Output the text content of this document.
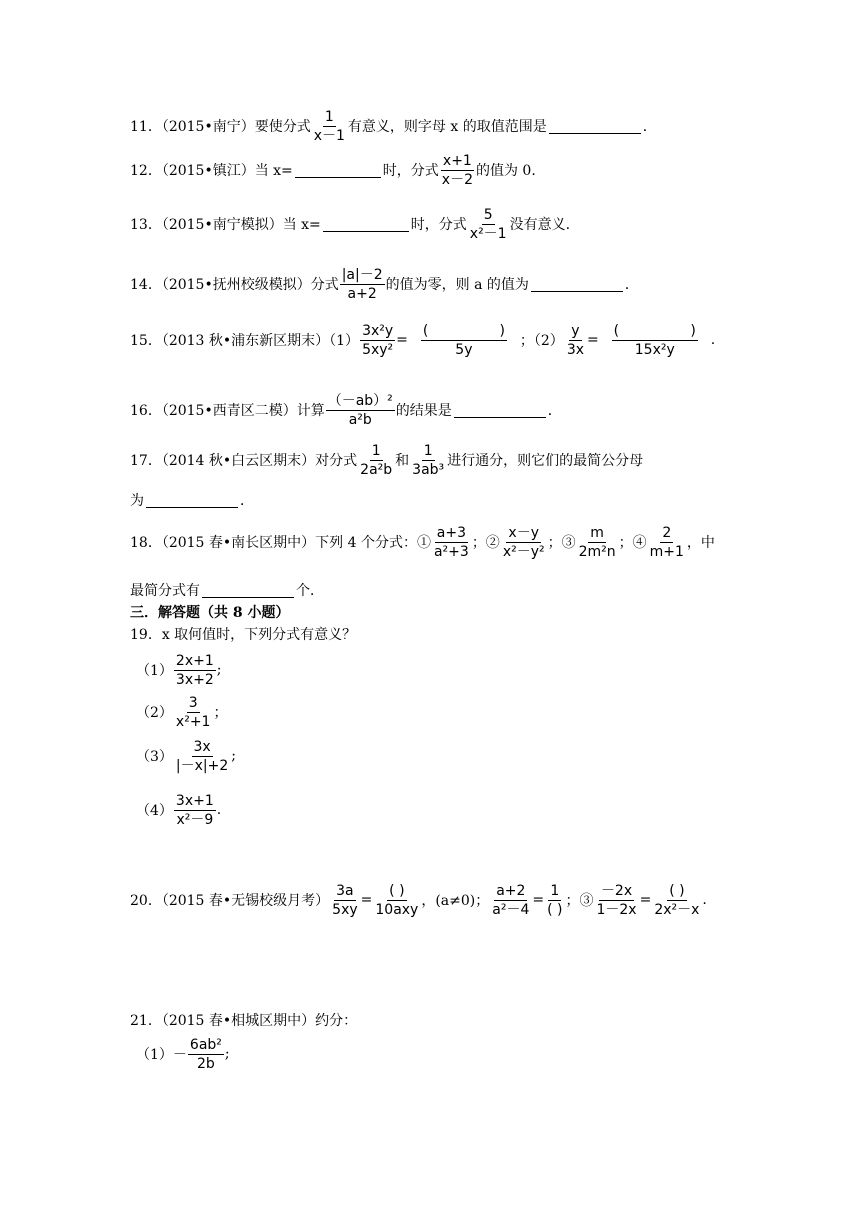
11．（2015•南宁）要使分式 $\frac{1}{x-1}$ 有意义，则字母 x 的取值范围是	．
12．（2015•镇江）当 x=	时，分式 $\frac{x+1}{x-2}$ 的值为 0.
13．（2015•南宁模拟）当 x=	时，分式 $\frac{5}{\text{x²－1}}$ 没有意义.
14．（2015•抚州校级模拟）分式 $\frac{|a|-2}{a+2}$ 的值为零，则 a 的值为	．
15．（2013 秋•浦东新区期末）$(1) \frac{\text{3x²y}}{\text{5xy²}} = \frac{( )}{5y}$ ；$(2) \frac{y}{3x} = \frac{( )}{\text{15x²y}}$ .
16．（2015•西青区二模）计算 $\frac{\text{（－ab）²}}{\text{a²b}}$ 的结果是	．
17．（2014 秋•白云区期末）对分式 $\frac{1}{\text{2a²b}}$ 和 $\frac{1}{\text{3ab³}}$ 进行通分，则它们的最简公分母
为	．
18．（2015 春•南长区期中）下列 4 个分式：① $\frac{a+3}{\text{a²+3}}$ ；② $\frac{x-y}{\text{x²－y²}}$ ；③ $\frac{m}{\text{2m²n}}$ ；④ $\frac{2}{m+1}$ ，中
最简分式有	个．
三．解答题（共 8 小题）
19．x 取何值时，下列分式有意义？
$(1) \frac{2x+1}{3x+2}$ ;
$(2) \frac{3}{\text{x²+1}}$ ；
$(3) \frac{3x}{|-x|+2}$ ;
$(4) \frac{3x+1}{\text{x²－9}}$ .
20．（2015 春•无锡校级月考） $\frac{3a}{5xy} = \frac{( )}{\text{10axy}}$ ，(a≠0)； $\frac{a+2}{\text{a²－4}} = \frac{1}{( )}$ ；③ $\frac{-2x}{1-2x} = \frac{( )}{\text{2x²－x}}$ .
21．（2015 春•相城区期中）约分：
$(1) - \frac{\text{6ab²}}{2b}$ ;
